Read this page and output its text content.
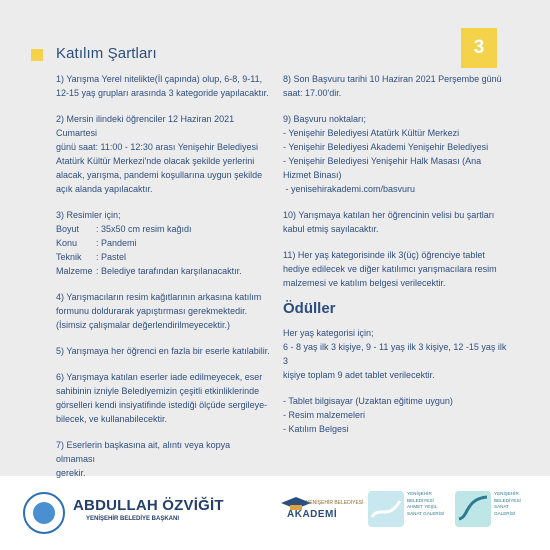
Katılım Şartları	3

1) Yarışma Yerel nitelikte(İl çapında) olup, 6-8, 9-11,
12-15 yaş grupları arasında 3 kategoride yapılacaktır.

2) Mersin ilindeki öğrenciler 12 Haziran 2021 Cumartesi
günü saat: 11:00 - 12:30 arası Yenişehir Belediyesi
Atatürk Kültür Merkezi'nde olacak şekilde yerlerini
alacak, yarışma, pandemi koşullarına uygun şekilde
açık alanda yapılacaktır.

3) Resimler için;
Boyut	: 35x50 cm resim kağıdı
Konu	: Pandemi
Teknik	: Pastel
Malzeme : Belediye tarafından karşılanacaktır.

4) Yarışmacıların resim kağıtlarının arkasına katılım
formunu doldurarak yapıştırması gerekmektedir.
(İsimsiz çalışmalar değerlendirilmeyecektir.)

5) Yarışmaya her öğrenci en fazla bir eserle katılabilir.

6) Yarışmaya katılan eserler iade edilmeyecek, eser
sahibinin izniyle Belediyemizin çeşitli etkinliklerinde
görselleri kendi insiyatifinde istediği ölçüde sergileye-
bilecek, ve kullanabilecektir.

7) Eserlerin başkasına ait, alıntı veya kopya olmaması
gerekir.

8) Son Başvuru tarihi 10 Haziran 2021 Perşembe günü
saat: 17.00'dir.

9) Başvuru noktaları;
- Yenişehir Belediyesi Atatürk Kültür Merkezi
- Yenişehir Belediyesi Akademi Yenişehir Belediyesi
- Yenişehir Belediyesi Yenişehir Halk Masası (Ana
Hizmet Binası)
- yenisehirakademi.com/basvuru

10) Yarışmaya katılan her öğrencinin velisi bu şartları
kabul etmiş sayılacaktır.

11) Her yaş kategorisinde ilk 3(üç) öğrenciye tablet
hediye edilecek ve diğer katılımcı yarışmacılara resim
malzemesi ve katılım belgesi verilecektir.

Ödüller

Her yaş kategorisi için;
6 - 8 yaş ilk 3 kişiye, 9 - 11 yaş ilk 3 kişiye, 12 -15 yaş ilk 3
kişiye toplam 9 adet tablet verilecektir.

- Tablet bilgisayar (Uzaktan eğitime uygun)
- Resim malzemeleri
- Katılım Belgesi
ABDULLAH ÖZVİĞİT
YENİŞEHİR BELEDİYE BAŞKANI
YENİŞEHİR BELEDİYESİ
AKADEMİ
YENİŞEHİR
BELEDİYESİ
AHMET YEŞİL
SANAT GALERİSİ
YENİŞEHİR
BELEDİYESİ
SANAT
GALERİSİ
